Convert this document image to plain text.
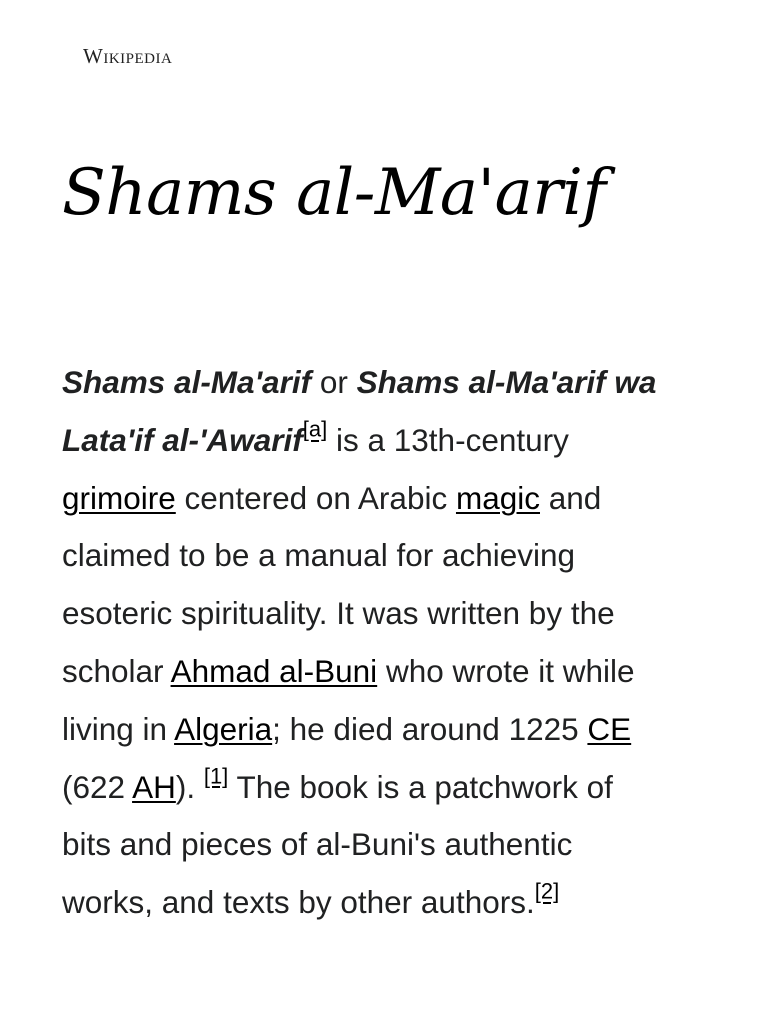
Wikipedia
Shams al-Ma'arif

Shams al-Ma'arif or Shams al-Ma'arif wa
Lata'if al-'Awarif[a] is a 13th-century
grimoire centered on Arabic magic and
claimed to be a manual for achieving
esoteric spirituality. It was written by the
scholar Ahmad al-Buni who wrote it while
living in Algeria; he died around 1225 CE
(622 AH). [1] The book is a patchwork of
bits and pieces of al-Buni's authentic
works, and texts by other authors.[2]
